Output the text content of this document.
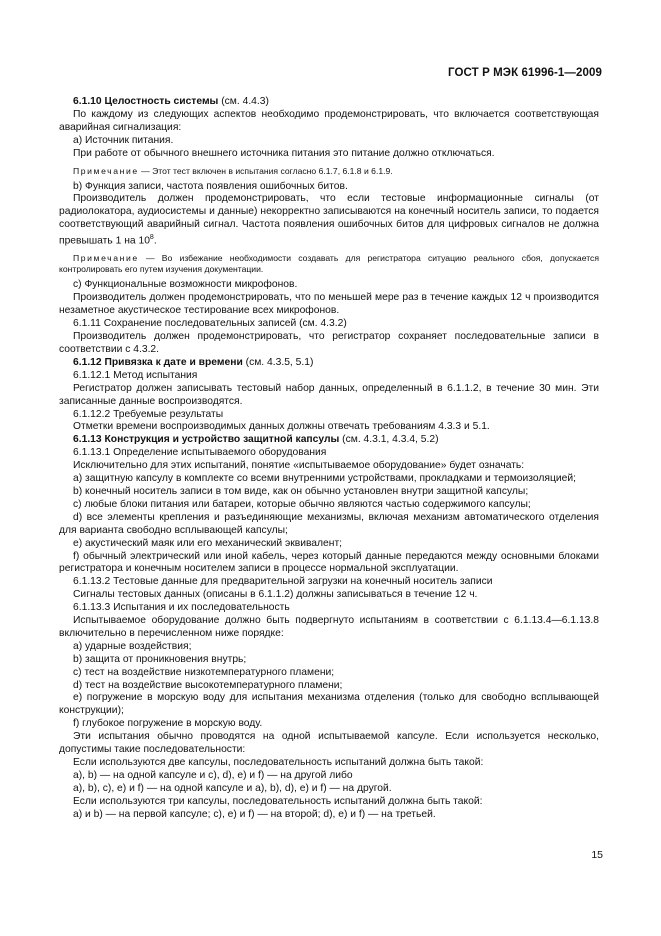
ГОСТ Р МЭК 61996-1—2009

6.1.10 Целостность системы (см. 4.4.3)

По каждому из следующих аспектов необходимо продемонстрировать, что включается соответствующая аварийная сигнализация:

а) Источник питания.

При работе от обычного внешнего источника питания это питание должно отключаться.

Примечание — Этот тест включен в испытания согласно 6.1.7, 6.1.8 и 6.1.9.

b) Функция записи, частота появления ошибочных битов.

Производитель должен продемонстрировать, что если тестовые информационные сигналы (от радиолокатора, аудиосистемы и данные) некорректно записываются на конечный носитель записи, то подается соответствующий аварийный сигнал. Частота появления ошибочных битов для цифровых сигналов не должна превышать 1 на $10^8$.

Примечание — Во избежание необходимости создавать для регистратора ситуацию реального сбоя, допускается контролировать его путем изучения документации.

с) Функциональные возможности микрофонов.

Производитель должен продемонстрировать, что по меньшей мере раз в течение каждых 12 ч производится незаметное акустическое тестирование всех микрофонов.

6.1.11 Сохранение последовательных записей (см. 4.3.2)

Производитель должен продемонстрировать, что регистратор сохраняет последовательные записи в соответствии с 4.3.2.

6.1.12 Привязка к дате и времени (см. 4.3.5, 5.1)

6.1.12.1 Метод испытания

Регистратор должен записывать тестовый набор данных, определенный в 6.1.1.2, в течение 30 мин. Эти записанные данные воспроизводятся.

6.1.12.2 Требуемые результаты

Отметки времени воспроизводимых данных должны отвечать требованиям 4.3.3 и 5.1.

6.1.13 Конструкция и устройство защитной капсулы (см. 4.3.1, 4.3.4, 5.2)

6.1.13.1 Определение испытываемого оборудования

Исключительно для этих испытаний, понятие «испытываемое оборудование» будет означать:

а) защитную капсулу в комплекте со всеми внутренними устройствами, прокладками и термоизоляцией;

b) конечный носитель записи в том виде, как он обычно установлен внутри защитной капсулы;

с) любые блоки питания или батареи, которые обычно являются частью содержимого капсулы;

d) все элементы крепления и разъединяющие механизмы, включая механизм автоматического отделения для варианта свободно всплывающей капсулы;

е) акустический маяк или его механический эквивалент;

f) обычный электрический или иной кабель, через который данные передаются между основными блоками регистратора и конечным носителем записи в процессе нормальной эксплуатации.

6.1.13.2 Тестовые данные для предварительной загрузки на конечный носитель записи

Сигналы тестовых данных (описаны в 6.1.1.2) должны записываться в течение 12 ч.

6.1.13.3 Испытания и их последовательность

Испытываемое оборудование должно быть подвергнуто испытаниям в соответствии с 6.1.13.4—6.1.13.8 включительно в перечисленном ниже порядке:

а) ударные воздействия;

b) защита от проникновения внутрь;

с) тест на воздействие низкотемпературного пламени;

d) тест на воздействие высокотемпературного пламени;

е) погружение в морскую воду для испытания механизма отделения (только для свободно всплывающей конструкции);

f) глубокое погружение в морскую воду.

Эти испытания обычно проводятся на одной испытываемой капсуле. Если используется несколько, допустимы такие последовательности:

Если используются две капсулы, последовательность испытаний должна быть такой:

а), b) — на одной капсуле и с), d), е) и f) — на другой либо

а), b), с), е) и f) — на одной капсуле и а), b), d), е) и f) — на другой.

Если используются три капсулы, последовательность испытаний должна быть такой:

а) и b) — на первой капсуле; с), е) и f) — на второй; d), е) и f) — на третьей.

15
